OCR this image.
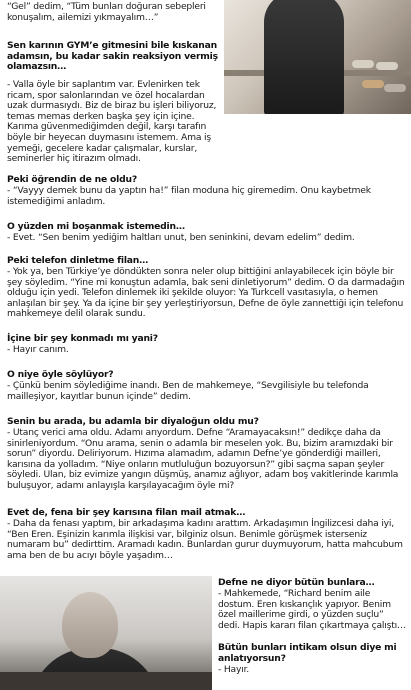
“Gel” dedim, “Tüm bunları doğuran sebepleri konuşalım, ailemizi yıkmayalım…”
Sen karının GYM’e gitmesini bile kıskanan adamsın, bu kadar sakin reaksiyon vermiş olamazsın…
- Valla öyle bir saplantım var. Evlenirken tek ricam, spor salonlarından ve özel hocalardan uzak durmasıydı. Biz de biraz bu işleri biliyoruz, temas memas derken başka şey için içine. Karıma güvenmediğimden değil, karşı tarafın böyle bir heyecan duymasını istemem. Ama iş yemeği, gecelere kadar çalışmalar, kurslar, seminerler hiç itirazım olmadı.
Peki öğrendin de ne oldu?
- “Vayyy demek bunu da yaptın ha!” filan moduna hiç giremedim. Onu kaybetmek istemediğimi anladım.
O yüzden mi boşanmak istemedin…
- Evet. “Sen benim yediğim haltları unut, ben seninkini, devam edelim” dedim.
Peki telefon dinletme filan…
- Yok ya, ben Türkiye’ye döndükten sonra neler olup bittiğini anlayabilecek için böyle bir şey söyledim. “Yine mi konuştun adamla, bak seni dinletiyorum” dedim. O da darmadağın olduğu için yedi. Telefon dinlemek iki şekilde oluyor: Ya Turkcell vasıtasıyla, o hemen anlaşılan bir şey. Ya da içine bir şey yerleştiriyorsun, Defne de öyle zannettiği için telefonu mahkemeye delil olarak sundu.
İçine bir şey konmadı mı yani?
- Hayır canım.
O niye öyle söylüyor?
- Çünkü benim söylediğime inandı. Ben de mahkemeye, “Sevgilisiyle bu telefonda mailleşiyor, kayıtlar bunun içinde” dedim.
Senin bu arada, bu adamla bir diyaloğun oldu mu?
- Utanç verici ama oldu. Adamı arıyordum. Defne “Aramayacaksın!” dedikçe daha da sinirleniyordum. “Onu arama, senin o adamla bir meselen yok. Bu, bizim aramızdaki bir sorun” diyordu. Deliriyorum. Hızıma alamadım, adamın Defne’ye gönderdiği mailleri, karısına da yolladım. “Niye onların mutluluğun bozuyorsun?” gibi saçma sapan şeyler söyledi. Ulan, biz evimize yangın düşmüş, anamız ağlıyor, adam boş vakitlerinde karımla buluşuyor, adamı anlayışla karşılayacağım öyle mi?
Evet de, fena bir şey karısına filan mail atmak…
- Daha da fenası yaptım, bir arkadaşıma kadını arattım. Arkadaşımın İngilizcesi daha iyi, “Ben Eren. Eşinizin karımla ilişkisi var, bilginiz olsun. Benimle görüşmek isterseniz numaram bu” dedirttim. Aramadı kadın. Bunlardan gurur duymuyorum, hatta mahcubum ama ben de bu acıyı böyle yaşadım…
Defne ne diyor bütün bunlara…
- Mahkemede, “Richard benim aile dostum. Eren kıskançlık yapıyor. Benim özel maillerime girdi, o yüzden suçlu” dedi. Hapis kararı filan çıkartmaya çalıştı…
Bütün bunları intikam olsun diye mi anlatıyorsun?
- Hayır.
